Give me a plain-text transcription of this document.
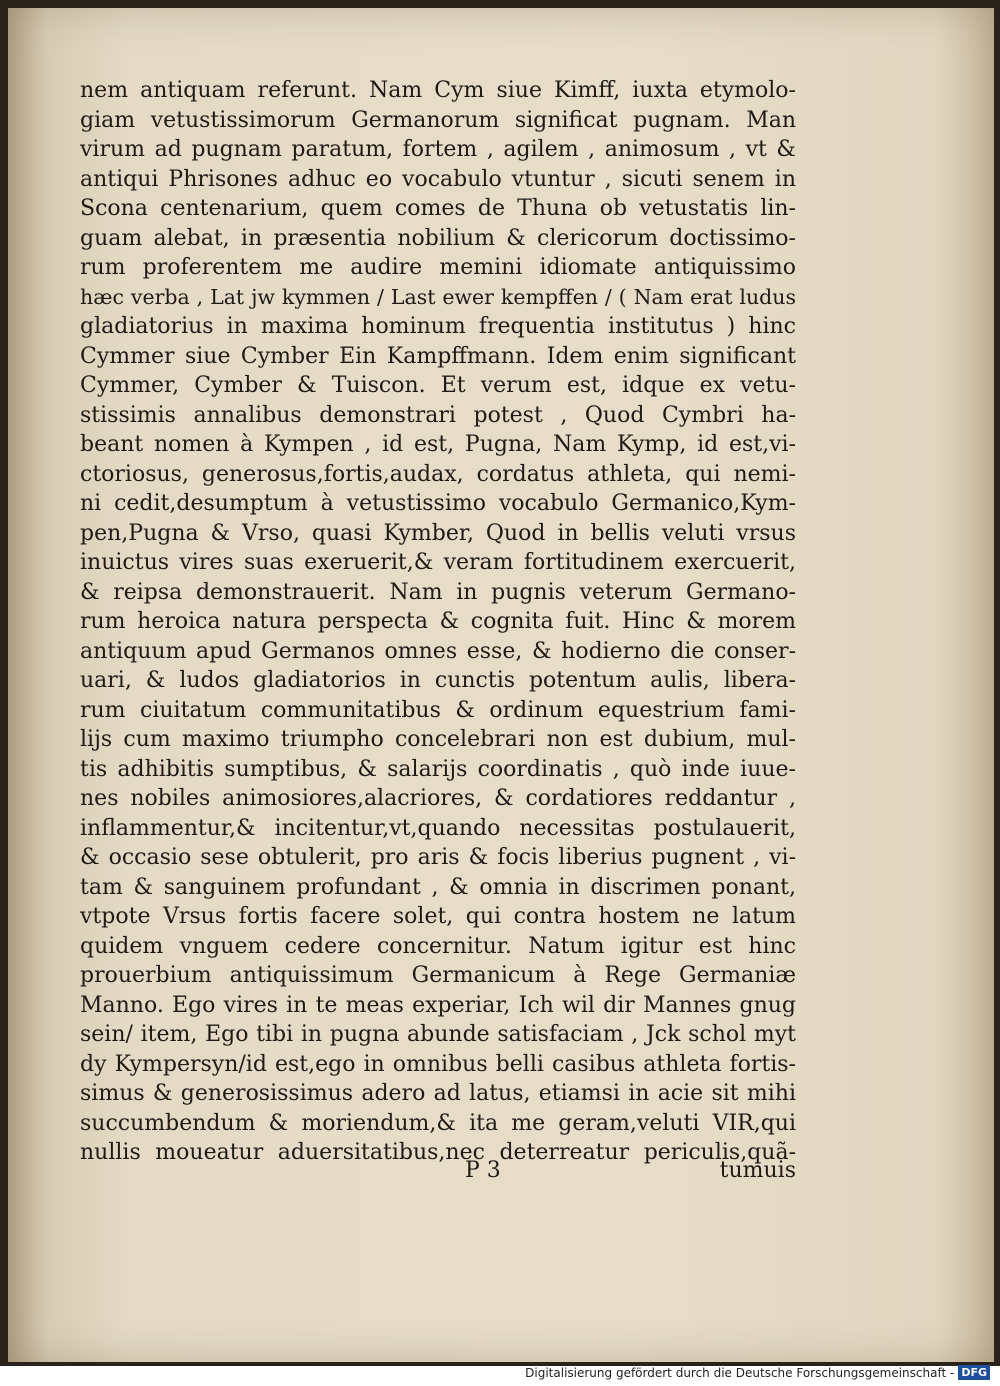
nem antiquam referunt. Nam Cym siue Kimff, iuxta etymolo-
giam vetustissimorum Germanorum significat pugnam. Man
virum ad pugnam paratum, fortem , agilem , animosum , vt &
antiqui Phrisones adhuc eo vocabulo vtuntur , sicuti senem in
Scona centenarium, quem comes de Thuna ob vetustatis lin-
guam alebat, in præsentia nobilium & clericorum doctissimo-
rum proferentem me audire memini idiomate antiquissimo
hæc verba , Lat jw kymmen / Last ewer kempffen / ( Nam erat ludus
gladiatorius in maxima hominum frequentia institutus ) hinc
Cymmer siue Cymber Ein Kampffmann. Idem enim significant
Cymmer, Cymber & Tuiscon. Et verum est, idque ex vetu-
stissimis annalibus demonstrari potest , Quod Cymbri ha-
beant nomen à Kympen , id est, Pugna, Nam Kymp, id est,vi-
ctoriosus, generosus,fortis,audax, cordatus athleta, qui nemi-
ni cedit,desumptum à vetustissimo vocabulo Germanico,Kym-
pen,Pugna & Vrso, quasi Kymber, Quod in bellis veluti vrsus
inuictus vires suas exeruerit,& veram fortitudinem exercuerit,
& reipsa demonstrauerit. Nam in pugnis veterum Germano-
rum heroica natura perspecta & cognita fuit. Hinc & morem
antiquum apud Germanos omnes esse, & hodierno die conser-
uari, & ludos gladiatorios in cunctis potentum aulis, libera-
rum ciuitatum communitatibus & ordinum equestrium fami-
lijs cum maximo triumpho concelebrari non est dubium, mul-
tis adhibitis sumptibus, & salarijs coordinatis , quò inde iuue-
nes nobiles animosiores,alacriores, & cordatiores reddantur ,
inflammentur,& incitentur,vt,quando necessitas postulauerit,
& occasio sese obtulerit, pro aris & focis liberius pugnent , vi-
tam & sanguinem profundant , & omnia in discrimen ponant,
vtpote Vrsus fortis facere solet, qui contra hostem ne latum
quidem vnguem cedere concernitur. Natum igitur est hinc
prouerbium antiquissimum Germanicum à Rege Germaniæ
Manno. Ego vires in te meas experiar, Ich wil dir Mannes gnug
sein/ item, Ego tibi in pugna abunde satisfaciam , Jck schol myt
dy Kympersyn/id est,ego in omnibus belli casibus athleta fortis-
simus & generosissimus adero ad latus, etiamsi in acie sit mihi
succumbendum & moriendum,& ita me geram,veluti VIR,qui
nullis moueatur aduersitatibus,nec deterreatur periculis,quã-
P 3	tumuis
Digitalisierung gefördert durch die Deutsche Forschungsgemeinschaft - DFG
